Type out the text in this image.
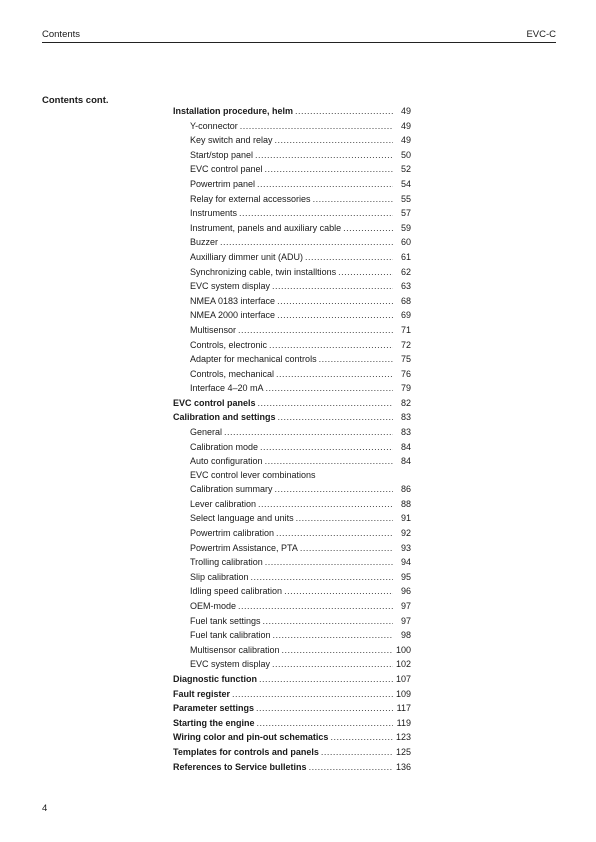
Contents	EVC-C
Contents cont.
Installation procedure, helm .....	49
Y-connector .....	49
Key switch and relay .....	49
Start/stop panel .....	50
EVC control panel .....	52
Powertrim panel .....	54
Relay for external accessories .....	55
Instruments .....	57
Instrument, panels and auxiliary cable .....	59
Buzzer .....	60
Auxilliary dimmer unit (ADU) .....	61
Synchronizing cable, twin installtions .....	62
EVC system display .....	63
NMEA 0183 interface .....	68
NMEA 2000 interface .....	69
Multisensor .....	71
Controls, electronic .....	72
Adapter for mechanical controls .....	75
Controls, mechanical .....	76
Interface 4–20 mA .....	79
EVC control panels .....	82
Calibration and settings .....	83
General .....	83
Calibration mode .....	84
Auto configuration .....	84
EVC control lever combinations
Calibration summary .....	86
Lever calibration .....	88
Select language and units .....	91
Powertrim calibration .....	92
Powertrim Assistance, PTA .....	93
Trolling calibration .....	94
Slip calibration .....	95
Idling speed calibration .....	96
OEM-mode .....	97
Fuel tank settings .....	97
Fuel tank calibration .....	98
Multisensor calibration .....	100
EVC system display .....	102
Diagnostic function .....	107
Fault register .....	109
Parameter settings .....	117
Starting the engine .....	119
Wiring color and pin-out schematics .....	123
Templates for controls and panels .....	125
References to Service bulletins .....	136
4
